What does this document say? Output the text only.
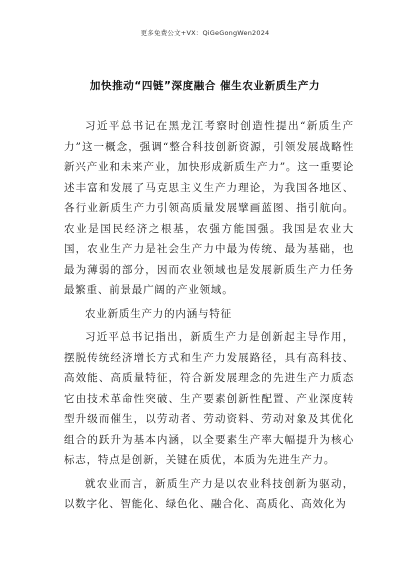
更多免费公文+VX：QiGeGongWen2024
加快推动“四链”深度融合 催生农业新质生产力

习近平总书记在黑龙江考察时创造性提出“新质生产力”这一概念，强调“整合科技创新资源，引领发展战略性新兴产业和未来产业，加快形成新质生产力”。这一重要论述丰富和发展了马克思主义生产力理论，为我国各地区、各行业新质生产力引领高质量发展擘画蓝图、指引航向。农业是国民经济之根基，农强方能国强。我国是农业大国，农业生产力是社会生产力中最为传统、最为基础，也最为薄弱的部分，因而农业领域也是发展新质生产力任务最繁重、前景最广阔的产业领域。

农业新质生产力的内涵与特征

习近平总书记指出，新质生产力是创新起主导作用，摆脱传统经济增长方式和生产力发展路径，具有高科技、高效能、高质量特征，符合新发展理念的先进生产力质态它由技术革命性突破、生产要素创新性配置、产业深度转型升级而催生，以劳动者、劳动资料、劳动对象及其优化组合的跃升为基本内涵，以全要素生产率大幅提升为核心标志，特点是创新，关键在质优，本质为先进生产力。

就农业而言，新质生产力是以农业科技创新为驱动，以数字化、智能化、绿色化、融合化、高质化、高效化为
